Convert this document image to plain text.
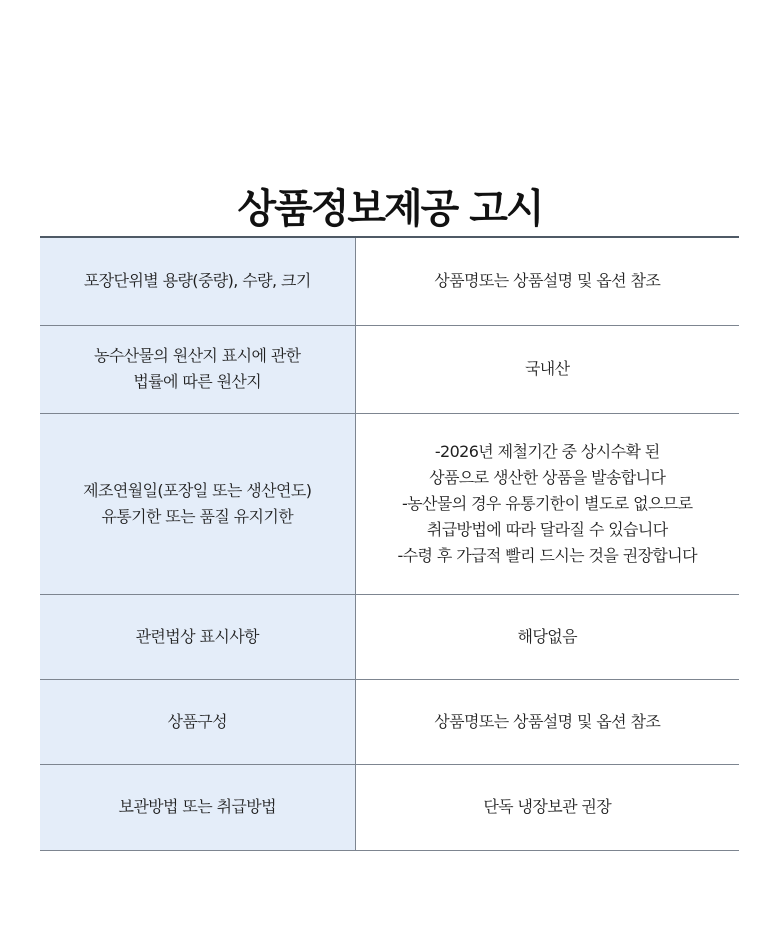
상품정보제공 고시
포장단위별 용량(중량), 수량, 크기	상품명또는 상품설명 및 옵션 참조

농수산물의 원산지 표시에 관한
법률에 따른 원산지	국내산

제조연월일(포장일 또는 생산연도)
유통기한 또는 품질 유지기한	-2026년 제철기간 중 상시수확 된
상품으로 생산한 상품을 발송합니다
-농산물의 경우 유통기한이 별도로 없으므로
취급방법에 따라 달라질 수 있습니다
-수령 후 가급적 빨리 드시는 것을 권장합니다

관련법상 표시사항	해당없음

상품구성	상품명또는 상품설명 및 옵션 참조

보관방법 또는 취급방법	단독 냉장보관 권장
